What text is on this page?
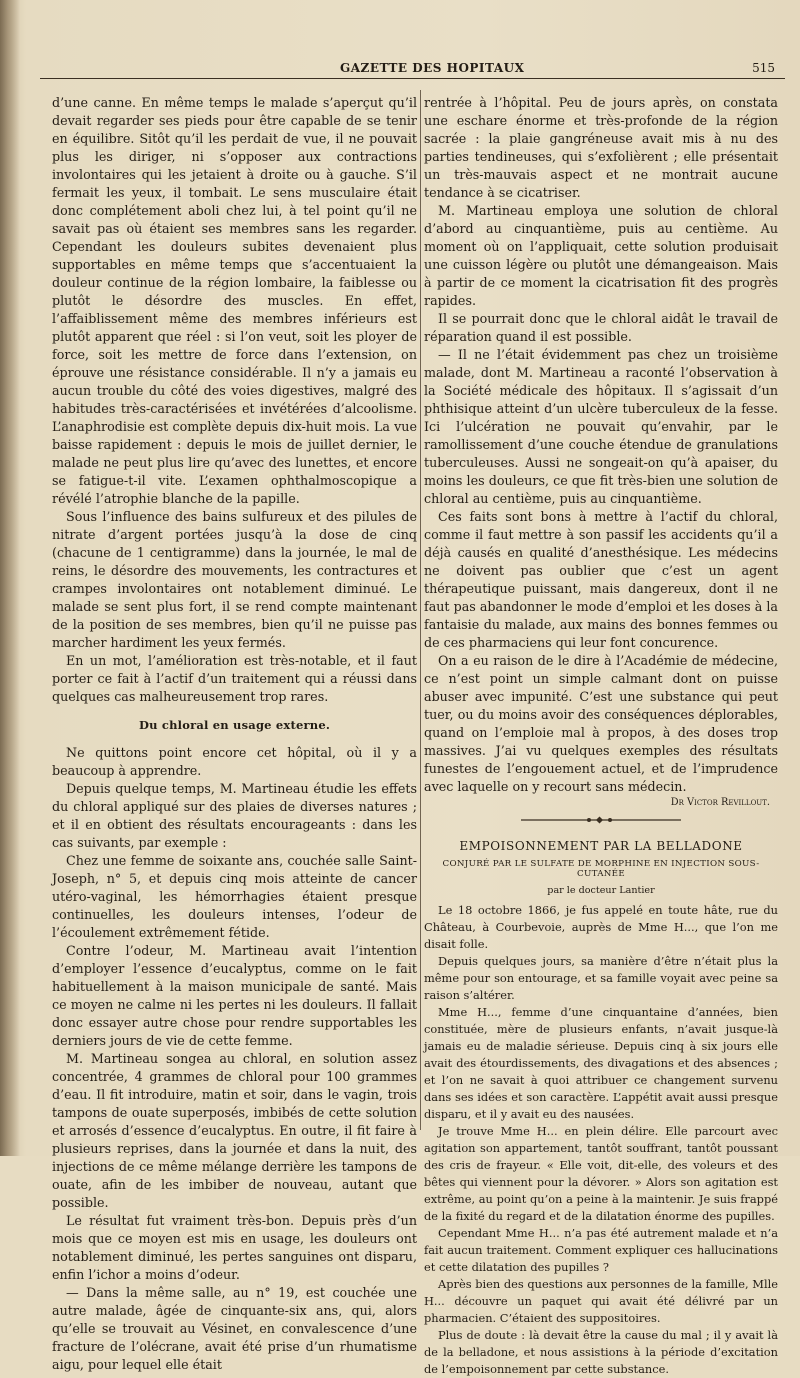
GAZETTE DES HOPITAUX	515

d’une canne. En même temps le malade s’aperçut qu’il devait regarder ses pieds pour être capable de se tenir en équilibre. Sitôt qu’il les perdait de vue, il ne pouvait plus les diriger, ni s’opposer aux contractions involontaires qui les jetaient à droite ou à gauche. S’il fermait les yeux, il tombait. Le sens musculaire était donc complétement aboli chez lui, à tel point qu’il ne savait pas où étaient ses membres sans les regarder. Cependant les douleurs subites devenaient plus supportables en même temps que s’accentuaient la douleur continue de la région lombaire, la faiblesse ou plutôt le désordre des muscles. En effet, l’affaiblissement même des membres inférieurs est plutôt apparent que réel : si l’on veut, soit les ployer de force, soit les mettre de force dans l’extension, on éprouve une résistance considérable. Il n’y a jamais eu aucun trouble du côté des voies digestives, malgré des habitudes très-caractérisées et invétérées d’alcoolisme. L’anaphrodisie est complète depuis dix-huit mois. La vue baisse rapidement : depuis le mois de juillet dernier, le malade ne peut plus lire qu’avec des lunettes, et encore se fatigue-t-il vite. L’examen ophthalmoscopique a révélé l’atrophie blanche de la papille.

Sous l’influence des bains sulfureux et des pilules de nitrate d’argent portées jusqu’à la dose de cinq (chacune de 1 centigramme) dans la journée, le mal de reins, le désordre des mouvements, les contractures et crampes involontaires ont notablement diminué. Le malade se sent plus fort, il se rend compte maintenant de la position de ses membres, bien qu’il ne puisse pas marcher hardiment les yeux fermés.

En un mot, l’amélioration est très-notable, et il faut porter ce fait à l’actif d’un traitement qui a réussi dans quelques cas malheureusement trop rares.

Du chloral en usage externe.

Ne quittons point encore cet hôpital, où il y a beaucoup à apprendre.

Depuis quelque temps, M. Martineau étudie les effets du chloral appliqué sur des plaies de diverses natures ; et il en obtient des résultats encourageants : dans les cas suivants, par exemple :

Chez une femme de soixante ans, couchée salle Saint-Joseph, n° 5, et depuis cinq mois atteinte de cancer utéro-vaginal, les hémorrhagies étaient presque continuelles, les douleurs intenses, l’odeur de l’écoulement extrêmement fétide.

Contre l’odeur, M. Martineau avait l’intention d’employer l’essence d’eucalyptus, comme on le fait habituellement à la maison municipale de santé. Mais ce moyen ne calme ni les pertes ni les douleurs. Il fallait donc essayer autre chose pour rendre supportables les derniers jours de vie de cette femme.

M. Martineau songea au chloral, en solution assez concentrée, 4 grammes de chloral pour 100 grammes d’eau. Il fit introduire, matin et soir, dans le vagin, trois tampons de ouate superposés, imbibés de cette solution et arrosés d’essence d’eucalyptus. En outre, il fit faire à plusieurs reprises, dans la journée et dans la nuit, des injections de ce même mélange derrière les tampons de ouate, afin de les imbiber de nouveau, autant que possible.

Le résultat fut vraiment très-bon. Depuis près d’un mois que ce moyen est mis en usage, les douleurs ont notablement diminué, les pertes sanguines ont disparu, enfin l’ichor a moins d’odeur.

— Dans la même salle, au n° 19, est couchée une autre malade, âgée de cinquante-six ans, qui, alors qu’elle se trouvait au Vésinet, en convalescence d’une fracture de l’olécrane, avait été prise d’un rhumatisme aigu, pour lequel elle était

rentrée à l’hôpital. Peu de jours après, on constata une eschare énorme et très-profonde de la région sacrée : la plaie gangréneuse avait mis à nu des parties tendineuses, qui s’exfolièrent ; elle présentait un très-mauvais aspect et ne montrait aucune tendance à se cicatriser.

M. Martineau employa une solution de chloral d’abord au cinquantième, puis au centième. Au moment où on l’appliquait, cette solution produisait une cuisson légère ou plutôt une démangeaison. Mais à partir de ce moment la cicatrisation fit des progrès rapides.

Il se pourrait donc que le chloral aidât le travail de réparation quand il est possible.

— Il ne l’était évidemment pas chez un troisième malade, dont M. Martineau a raconté l’observation à la Société médicale des hôpitaux. Il s’agissait d’un phthisique atteint d’un ulcère tuberculeux de la fesse. Ici l’ulcération ne pouvait qu’envahir, par le ramollissement d’une couche étendue de granulations tuberculeuses. Aussi ne songeait-on qu’à apaiser, du moins les douleurs, ce que fit très-bien une solution de chloral au centième, puis au cinquantième.

Ces faits sont bons à mettre à l’actif du chloral, comme il faut mettre à son passif les accidents qu’il a déjà causés en qualité d’anesthésique. Les médecins ne doivent pas oublier que c’est un agent thérapeutique puissant, mais dangereux, dont il ne faut pas abandonner le mode d’emploi et les doses à la fantaisie du malade, aux mains des bonnes femmes ou de ces pharmaciens qui leur font concurence.

On a eu raison de le dire à l’Académie de médecine, ce n’est point un simple calmant dont on puisse abuser avec impunité. C’est une substance qui peut tuer, ou du moins avoir des conséquences déplorables, quand on l’emploie mal à propos, à des doses trop massives. J’ai vu quelques exemples des résultats funestes de l’engouement actuel, et de l’imprudence avec laquelle on y recourt sans médecin.

Dr Victor Revillout.
EMPOISONNEMENT PAR LA BELLADONE
CONJURÉ PAR LE SULFATE DE MORPHINE EN INJECTION SOUS-CUTANÉE
par le docteur Lantier

Le 18 octobre 1866, je fus appelé en toute hâte, rue du Château, à Courbevoie, auprès de Mme H..., que l’on me disait folle.

Depuis quelques jours, sa manière d’être n’était plus la même pour son entourage, et sa famille voyait avec peine sa raison s’altérer.

Mme H..., femme d’une cinquantaine d’années, bien constituée, mère de plusieurs enfants, n’avait jusque-là jamais eu de maladie sérieuse. Depuis cinq à six jours elle avait des étourdissements, des divagations et des absences ; et l’on ne savait à quoi attribuer ce changement survenu dans ses idées et son caractère. L’appétit avait aussi presque disparu, et il y avait eu des nausées.

Je trouve Mme H... en plein délire. Elle parcourt avec agitation son appartement, tantôt souffrant, tantôt poussant des cris de frayeur. « Elle voit, dit-elle, des voleurs et des bêtes qui viennent pour la dévorer. » Alors son agitation est extrême, au point qu’on a peine à la maintenir. Je suis frappé de la fixité du regard et de la dilatation énorme des pupilles.

Cependant Mme H... n’a pas été autrement malade et n’a fait aucun traitement. Comment expliquer ces hallucinations et cette dilatation des pupilles ?

Après bien des questions aux personnes de la famille, Mlle H... découvre un paquet qui avait été délivré par un pharmacien. C’étaient des suppositoires.

Plus de doute : là devait être la cause du mal ; il y avait là de la belladone, et nous assistions à la période d’excitation de l’empoisonnement par cette substance.
